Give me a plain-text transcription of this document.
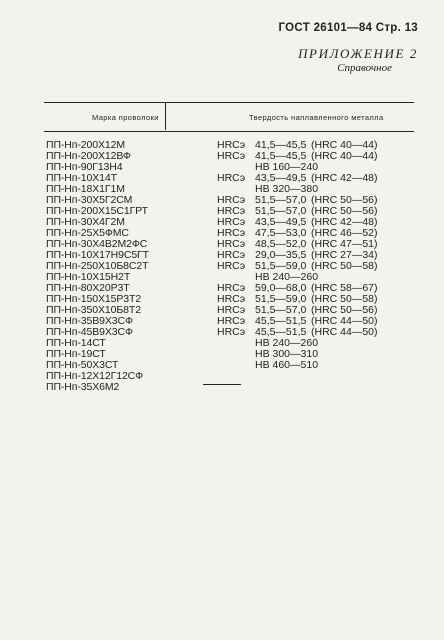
ГОСТ 26101—84 Стр. 13
ПРИЛОЖЕНИЕ 2
Справочное
Марка проволоки	Твердость наплавленного металла
ПП-Нп-200Х12М
ПП-Нп-200Х12ВФ
ПП-Нп-90Г13Н4
ПП-Нп-10Х14Т
ПП-Нп-18Х1Г1М
ПП-Нп-30Х5Г2СМ
ПП-Нп-200Х15С1ГРТ
ПП-Нп-30Х4Г2М
ПП-Нп-25Х5ФМС
ПП-Нп-30Х4В2М2ФС
ПП-Нп-10Х17Н9С5ГТ
ПП-Нп-250Х10Б8С2Т
ПП-Нп-10Х15Н2Т
ПП-Нп-80Х20Р3Т
ПП-Нп-150Х15Р3Т2
ПП-Нп-350Х10Б8Т2
ПП-Нп-35В9Х3СФ
ПП-Нп-45В9Х3СФ
ПП-Нп-14СТ
ПП-Нп-19СТ
ПП-Нп-50Х3СТ
ПП-Нп-12Х12Г12СФ
ПП-Нп-35Х6М2
HRCэ 41,5—45,5 (HRC 40—44)
HRCэ 41,5—45,5 (HRC 40—44)
НВ 160—240
HRCэ 43,5—49,5 (HRC 42—48)
НВ 320—380
HRCэ 51,5—57,0 (HRC 50—56)
HRCэ 51,5—57,0 (HRC 50—56)
HRCэ 43,5—49,5 (HRC 42—48)
HRCэ 47,5—53,0 (HRC 46—52)
HRCэ 48,5—52,0 (HRC 47—51)
HRCэ 29,0—35,5 (HRC 27—34)
HRCэ 51,5—59,0 (HRC 50—58)
НВ 240—260
HRCэ 59,0—68,0 (HRC 58—67)
HRCэ 51,5—59,0 (HRC 50—58)
HRCэ 51,5—57,0 (HRC 50—56)
HRCэ 45,5—51,5 (HRC 44—50)
HRCэ 45,5—51,5 (HRC 44—50)
НВ 240—260
НВ 300—310
НВ 460—510
